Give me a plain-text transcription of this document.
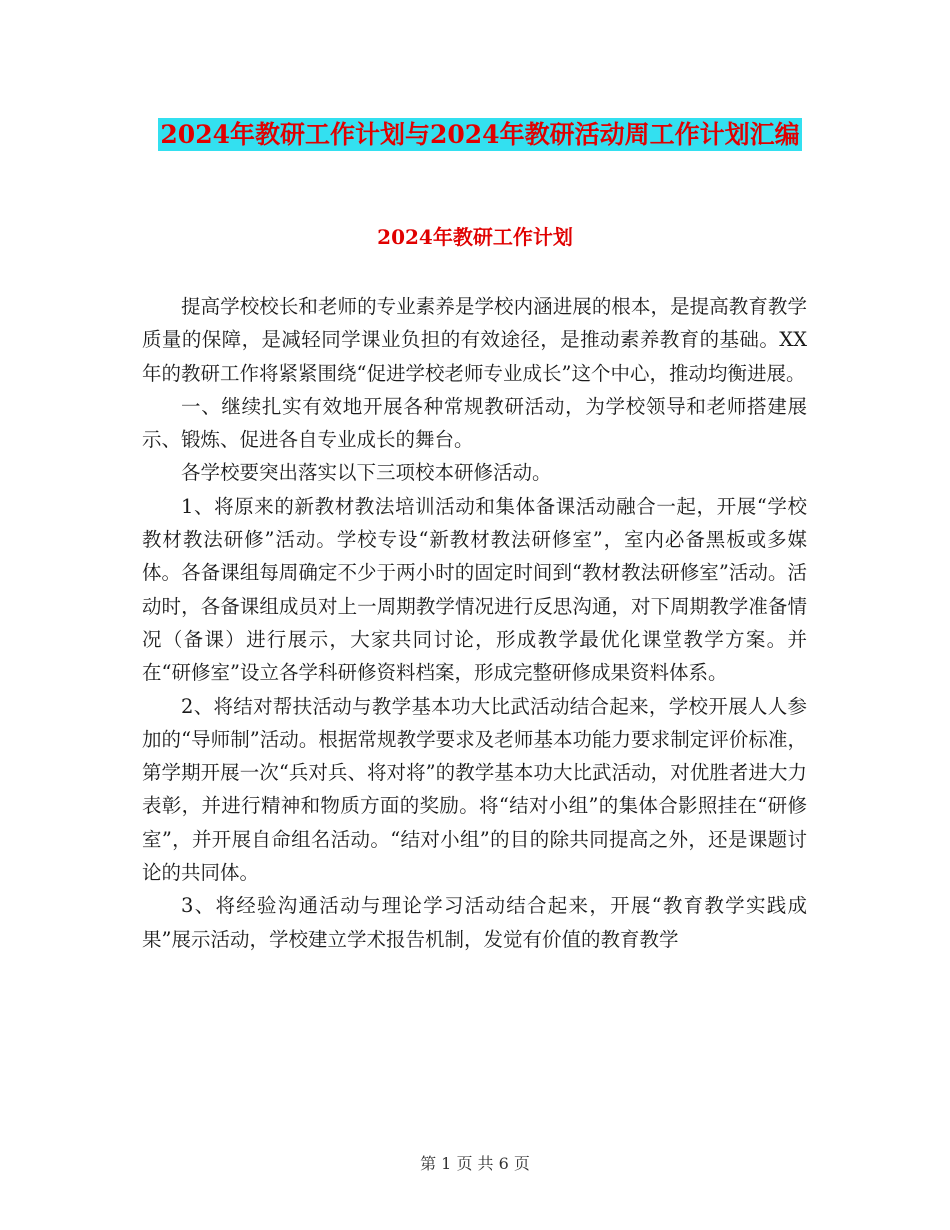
2024年教研工作计划与2024年教研活动周工作计划汇编
2024年教研工作计划

提高学校校长和老师的专业素养是学校内涵进展的根本，是提高教育教学质量的保障，是减轻同学课业负担的有效途径，是推动素养教育的基础。XX年的教研工作将紧紧围绕“促进学校老师专业成长”这个中心，推动均衡进展。

一、继续扎实有效地开展各种常规教研活动，为学校领导和老师搭建展示、锻炼、促进各自专业成长的舞台。

各学校要突出落实以下三项校本研修活动。

1、将原来的新教材教法培训活动和集体备课活动融合一起，开展“学校教材教法研修”活动。学校专设“新教材教法研修室”，室内必备黑板或多媒体。各备课组每周确定不少于两小时的固定时间到“教材教法研修室”活动。活动时，各备课组成员对上一周期教学情况进行反思沟通，对下周期教学准备情况（备课）进行展示，大家共同讨论，形成教学最优化课堂教学方案。并在“研修室”设立各学科研修资料档案，形成完整研修成果资料体系。

2、将结对帮扶活动与教学基本功大比武活动结合起来，学校开展人人参加的“导师制”活动。根据常规教学要求及老师基本功能力要求制定评价标准，第学期开展一次“兵对兵、将对将”的教学基本功大比武活动，对优胜者进大力表彰，并进行精神和物质方面的奖励。将“结对小组”的集体合影照挂在“研修室”，并开展自命组名活动。“结对小组”的目的除共同提高之外，还是课题讨论的共同体。

3、将经验沟通活动与理论学习活动结合起来，开展“教育教学实践成果”展示活动，学校建立学术报告机制，发觉有价值的教育教学

第 1 页 共 6 页
